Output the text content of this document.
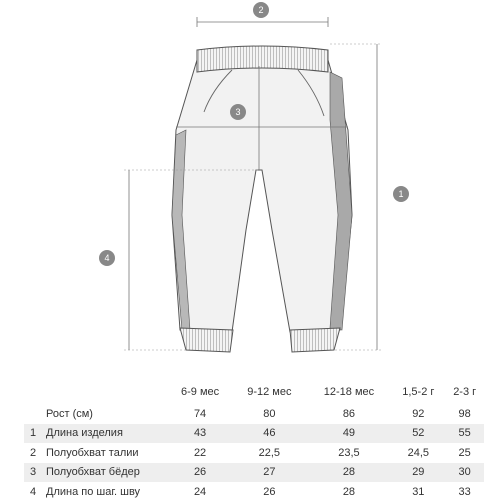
2
3
1
4
		6-9 мес	9-12 мес	12-18 мес	1,5-2 г	2-3 г
	Рост (см)	74	80	86	92	98
1	Длина изделия	43	46	49	52	55
2	Полуобхват талии	22	22,5	23,5	24,5	25
3	Полуобхват бёдер	26	27	28	29	30
4	Длина по шаг. шву	24	26	28	31	33
